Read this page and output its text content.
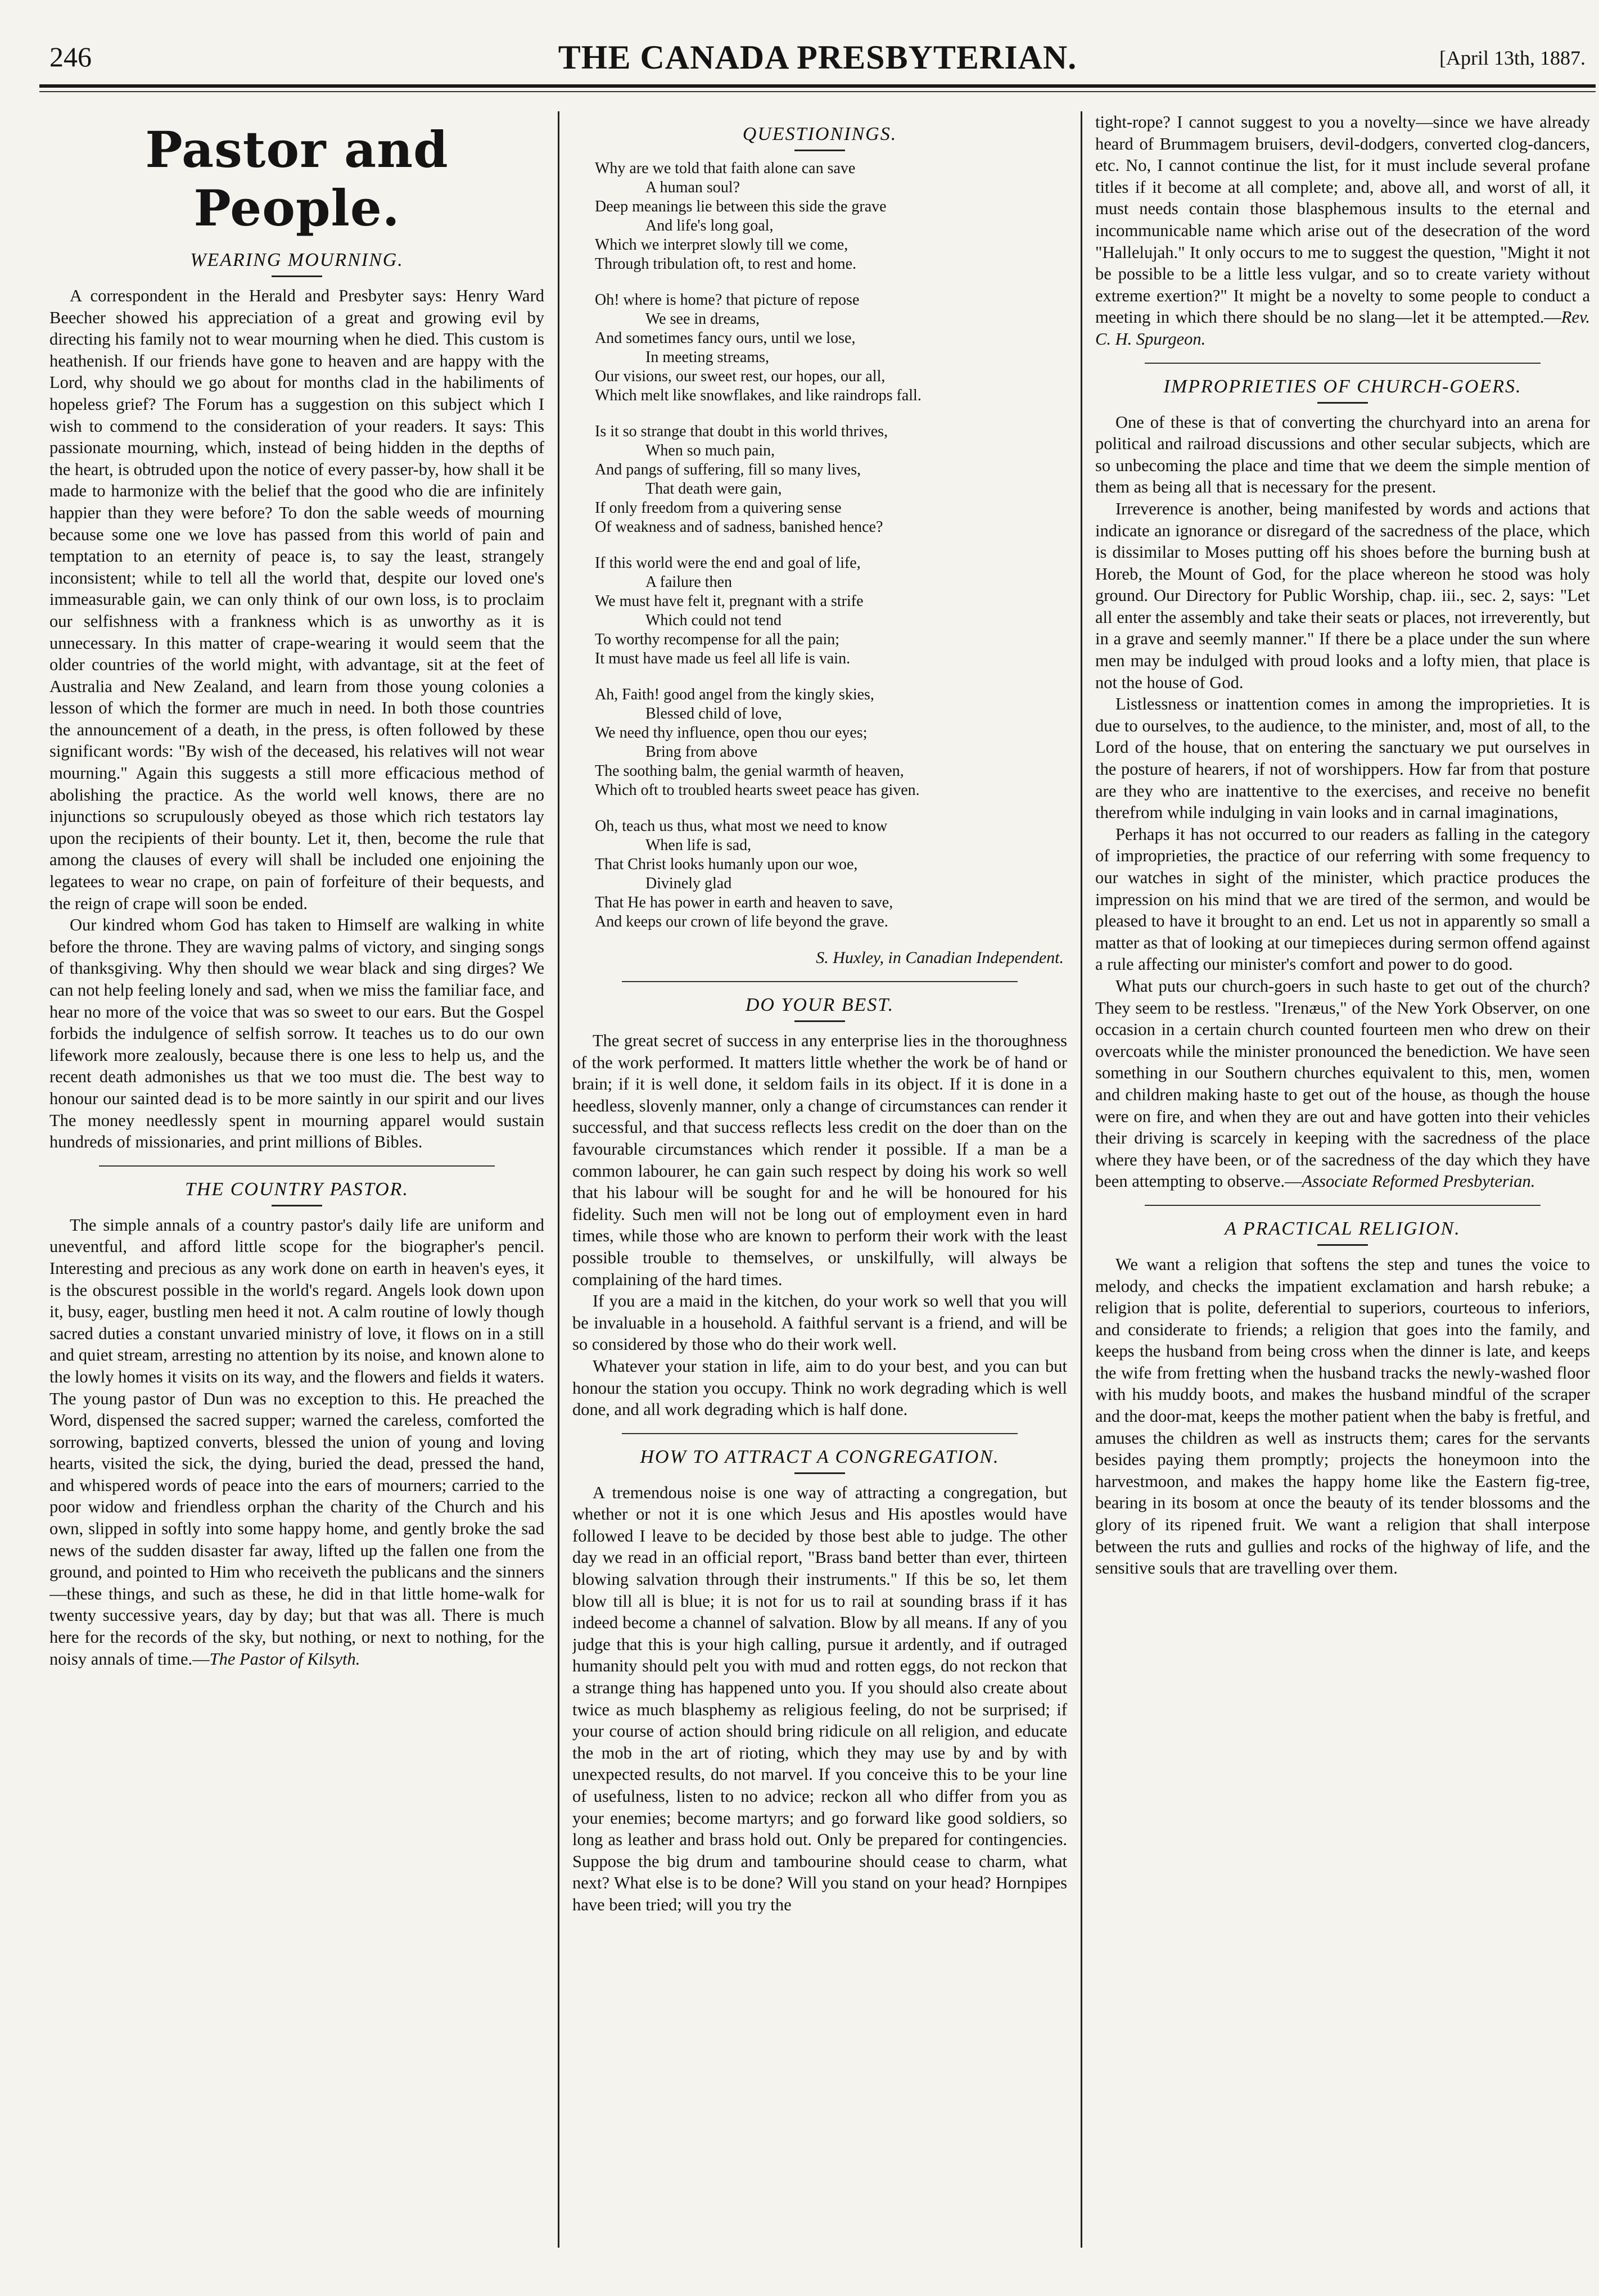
246	THE CANADA PRESBYTERIAN.	[April 13th, 1887.
Pastor and People.
WEARING MOURNING.

A correspondent in the Herald and Presbyter says: Henry Ward Beecher showed his appreciation of a great and growing evil by directing his family not to wear mourning when he died. This custom is heathenish. If our friends have gone to heaven and are happy with the Lord, why should we go about for months clad in the habiliments of hopeless grief? The Forum has a suggestion on this subject which I wish to commend to the consideration of your readers. It says: This passionate mourning, which, instead of being hidden in the depths of the heart, is obtruded upon the notice of every passer-by, how shall it be made to harmonize with the belief that the good who die are infinitely happier than they were before? To don the sable weeds of mourning because some one we love has passed from this world of pain and temptation to an eternity of peace is, to say the least, strangely inconsistent; while to tell all the world that, despite our loved one's immeasurable gain, we can only think of our own loss, is to proclaim our selfishness with a frankness which is as unworthy as it is unnecessary. In this matter of crape-wearing it would seem that the older countries of the world might, with advantage, sit at the feet of Australia and New Zealand, and learn from those young colonies a lesson of which the former are much in need. In both those countries the announcement of a death, in the press, is often followed by these significant words: "By wish of the deceased, his relatives will not wear mourning." Again this suggests a still more efficacious method of abolishing the practice. As the world well knows, there are no injunctions so scrupulously obeyed as those which rich testators lay upon the recipients of their bounty. Let it, then, become the rule that among the clauses of every will shall be included one enjoining the legatees to wear no crape, on pain of forfeiture of their bequests, and the reign of crape will soon be ended.

Our kindred whom God has taken to Himself are walking in white before the throne. They are waving palms of victory, and singing songs of thanksgiving. Why then should we wear black and sing dirges? We can not help feeling lonely and sad, when we miss the familiar face, and hear no more of the voice that was so sweet to our ears. But the Gospel forbids the indulgence of selfish sorrow. It teaches us to do our own lifework more zealously, because there is one less to help us, and the recent death admonishes us that we too must die. The best way to honour our sainted dead is to be more saintly in our spirit and our lives The money needlessly spent in mourning apparel would sustain hundreds of missionaries, and print millions of Bibles.

THE COUNTRY PASTOR.

The simple annals of a country pastor's daily life are uniform and uneventful, and afford little scope for the biographer's pencil. Interesting and precious as any work done on earth in heaven's eyes, it is the obscurest possible in the world's regard. Angels look down upon it, busy, eager, bustling men heed it not. A calm routine of lowly though sacred duties a constant unvaried ministry of love, it flows on in a still and quiet stream, arresting no attention by its noise, and known alone to the lowly homes it visits on its way, and the flowers and fields it waters. The young pastor of Dun was no exception to this. He preached the Word, dispensed the sacred supper; warned the careless, comforted the sorrowing, baptized converts, blessed the union of young and loving hearts, visited the sick, the dying, buried the dead, pressed the hand, and whispered words of peace into the ears of mourners; carried to the poor widow and friendless orphan the charity of the Church and his own, slipped in softly into some happy home, and gently broke the sad news of the sudden disaster far away, lifted up the fallen one from the ground, and pointed to Him who receiveth the publicans and the sinners—these things, and such as these, he did in that little home-walk for twenty successive years, day by day; but that was all. There is much here for the records of the sky, but nothing, or next to nothing, for the noisy annals of time.—The Pastor of Kilsyth.

QUESTIONINGS.
Why are we told that faith alone can save
A human soul?
Deep meanings lie between this side the grave
And life's long goal,
Which we interpret slowly till we come,
Through tribulation oft, to rest and home.
Oh! where is home? that picture of repose
We see in dreams,
And sometimes fancy ours, until we lose,
In meeting streams,
Our visions, our sweet rest, our hopes, our all,
Which melt like snowflakes, and like raindrops fall.
Is it so strange that doubt in this world thrives,
When so much pain,
And pangs of suffering, fill so many lives,
That death were gain,
If only freedom from a quivering sense
Of weakness and of sadness, banished hence?
If this world were the end and goal of life,
A failure then
We must have felt it, pregnant with a strife
Which could not tend
To worthy recompense for all the pain;
It must have made us feel all life is vain.
Ah, Faith! good angel from the kingly skies,
Blessed child of love,
We need thy influence, open thou our eyes;
Bring from above
The soothing balm, the genial warmth of heaven,
Which oft to troubled hearts sweet peace has given.
Oh, teach us thus, what most we need to know
When life is sad,
That Christ looks humanly upon our woe,
Divinely glad
That He has power in earth and heaven to save,
And keeps our crown of life beyond the grave.
S. Huxley, in Canadian Independent.
DO YOUR BEST.

The great secret of success in any enterprise lies in the thoroughness of the work performed. It matters little whether the work be of hand or brain; if it is well done, it seldom fails in its object. If it is done in a heedless, slovenly manner, only a change of circumstances can render it successful, and that success reflects less credit on the doer than on the favourable circumstances which render it possible. If a man be a common labourer, he can gain such respect by doing his work so well that his labour will be sought for and he will be honoured for his fidelity. Such men will not be long out of employment even in hard times, while those who are known to perform their work with the least possible trouble to themselves, or unskilfully, will always be complaining of the hard times.

If you are a maid in the kitchen, do your work so well that you will be invaluable in a household. A faithful servant is a friend, and will be so considered by those who do their work well.

Whatever your station in life, aim to do your best, and you can but honour the station you occupy. Think no work degrading which is well done, and all work degrading which is half done.

HOW TO ATTRACT A CONGREGATION.

A tremendous noise is one way of attracting a congregation, but whether or not it is one which Jesus and His apostles would have followed I leave to be decided by those best able to judge. The other day we read in an official report, "Brass band better than ever, thirteen blowing salvation through their instruments." If this be so, let them blow till all is blue; it is not for us to rail at sounding brass if it has indeed become a channel of salvation. Blow by all means. If any of you judge that this is your high calling, pursue it ardently, and if outraged humanity should pelt you with mud and rotten eggs, do not reckon that a strange thing has happened unto you. If you should also create about twice as much blasphemy as religious feeling, do not be surprised; if your course of action should bring ridicule on all religion, and educate the mob in the art of rioting, which they may use by and by with unexpected results, do not marvel. If you conceive this to be your line of usefulness, listen to no advice; reckon all who differ from you as your enemies; become martyrs; and go forward like good soldiers, so long as leather and brass hold out. Only be prepared for contingencies. Suppose the big drum and tambourine should cease to charm, what next? What else is to be done? Will you stand on your head? Hornpipes have been tried; will you try the

tight-rope? I cannot suggest to you a novelty—since we have already heard of Brummagem bruisers, devil-dodgers, converted clog-dancers, etc. No, I cannot continue the list, for it must include several profane titles if it become at all complete; and, above all, and worst of all, it must needs contain those blasphemous insults to the eternal and incommunicable name which arise out of the desecration of the word "Hallelujah." It only occurs to me to suggest the question, "Might it not be possible to be a little less vulgar, and so to create variety without extreme exertion?" It might be a novelty to some people to conduct a meeting in which there should be no slang—let it be attempted.—Rev. C. H. Spurgeon.

IMPROPRIETIES OF CHURCH-GOERS.

One of these is that of converting the churchyard into an arena for political and railroad discussions and other secular subjects, which are so unbecoming the place and time that we deem the simple mention of them as being all that is necessary for the present.

Irreverence is another, being manifested by words and actions that indicate an ignorance or disregard of the sacredness of the place, which is dissimilar to Moses putting off his shoes before the burning bush at Horeb, the Mount of God, for the place whereon he stood was holy ground. Our Directory for Public Worship, chap. iii., sec. 2, says: "Let all enter the assembly and take their seats or places, not irreverently, but in a grave and seemly manner." If there be a place under the sun where men may be indulged with proud looks and a lofty mien, that place is not the house of God.

Listlessness or inattention comes in among the improprieties. It is due to ourselves, to the audience, to the minister, and, most of all, to the Lord of the house, that on entering the sanctuary we put ourselves in the posture of hearers, if not of worshippers. How far from that posture are they who are inattentive to the exercises, and receive no benefit therefrom while indulging in vain looks and in carnal imaginations,

Perhaps it has not occurred to our readers as falling in the category of improprieties, the practice of our referring with some frequency to our watches in sight of the minister, which practice produces the impression on his mind that we are tired of the sermon, and would be pleased to have it brought to an end. Let us not in apparently so small a matter as that of looking at our timepieces during sermon offend against a rule affecting our minister's comfort and power to do good.

What puts our church-goers in such haste to get out of the church? They seem to be restless. "Irenæus," of the New York Observer, on one occasion in a certain church counted fourteen men who drew on their overcoats while the minister pronounced the benediction. We have seen something in our Southern churches equivalent to this, men, women and children making haste to get out of the house, as though the house were on fire, and when they are out and have gotten into their vehicles their driving is scarcely in keeping with the sacredness of the place where they have been, or of the sacredness of the day which they have been attempting to observe.—Associate Reformed Presbyterian.

A PRACTICAL RELIGION.

We want a religion that softens the step and tunes the voice to melody, and checks the impatient exclamation and harsh rebuke; a religion that is polite, deferential to superiors, courteous to inferiors, and considerate to friends; a religion that goes into the family, and keeps the husband from being cross when the dinner is late, and keeps the wife from fretting when the husband tracks the newly-washed floor with his muddy boots, and makes the husband mindful of the scraper and the door-mat, keeps the mother patient when the baby is fretful, and amuses the children as well as instructs them; cares for the servants besides paying them promptly; projects the honeymoon into the harvestmoon, and makes the happy home like the Eastern fig-tree, bearing in its bosom at once the beauty of its tender blossoms and the glory of its ripened fruit. We want a religion that shall interpose between the ruts and gullies and rocks of the highway of life, and the sensitive souls that are travelling over them.
